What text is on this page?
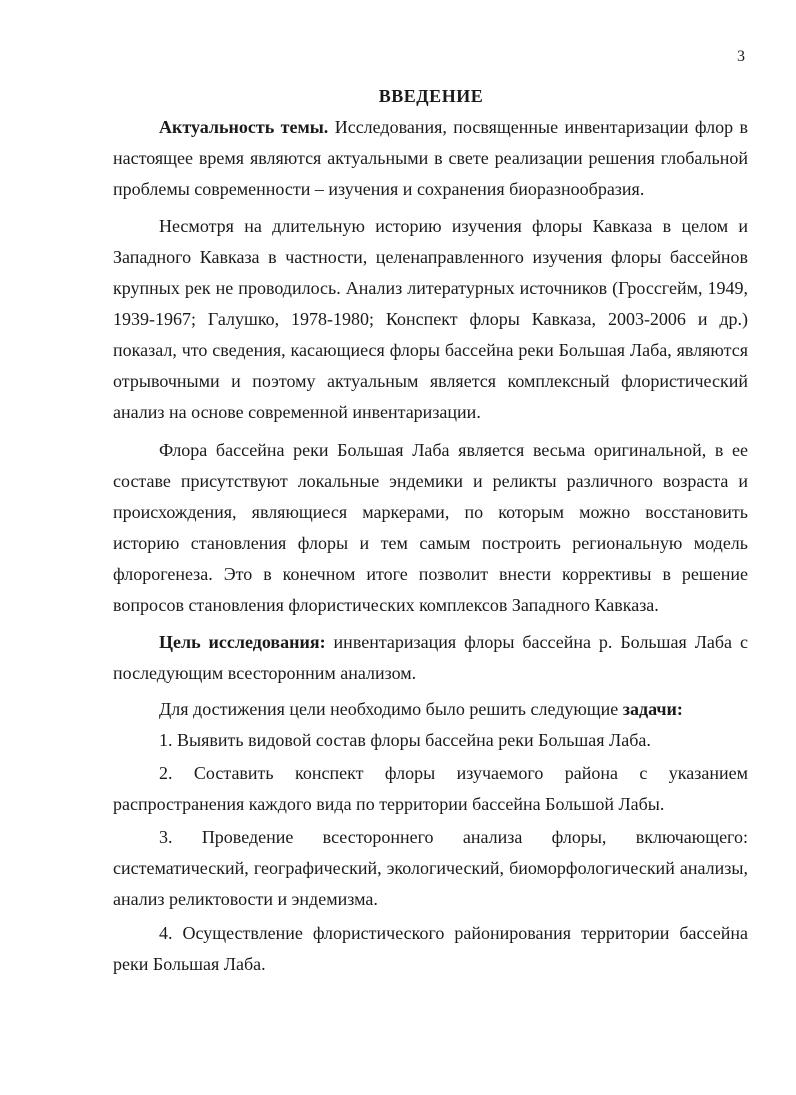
3
ВВЕДЕНИЕ

Актуальность темы. Исследования, посвященные инвентаризации флор в настоящее время являются актуальными в свете реализации решения глобальной проблемы современности – изучения и сохранения биоразнообразия.

Несмотря на длительную историю изучения флоры Кавказа в целом и Западного Кавказа в частности, целенаправленного изучения флоры бассейнов крупных рек не проводилось. Анализ литературных источников (Гроссгейм, 1949, 1939-1967; Галушко, 1978-1980; Конспект флоры Кавказа, 2003-2006 и др.) показал, что сведения, касающиеся флоры бассейна реки Большая Лаба, являются отрывочными и поэтому актуальным является комплексный флористический анализ на основе современной инвентаризации.

Флора бассейна реки Большая Лаба является весьма оригинальной, в ее составе присутствуют локальные эндемики и реликты различного возраста и происхождения, являющиеся маркерами, по которым можно восстановить историю становления флоры и тем самым построить региональную модель флорогенеза. Это в конечном итоге позволит внести коррективы в решение вопросов становления флористических комплексов Западного Кавказа.

Цель исследования: инвентаризация флоры бассейна р. Большая Лаба с последующим всесторонним анализом.

Для достижения цели необходимо было решить следующие задачи:

1. Выявить видовой состав флоры бассейна реки Большая Лаба.

2. Составить конспект флоры изучаемого района с указанием распространения каждого вида по территории бассейна Большой Лабы.

3. Проведение всестороннего анализа флоры, включающего: систематический, географический, экологический, биоморфологический анализы, анализ реликтовости и эндемизма.

4. Осуществление флористического районирования территории бассейна реки Большая Лаба.
